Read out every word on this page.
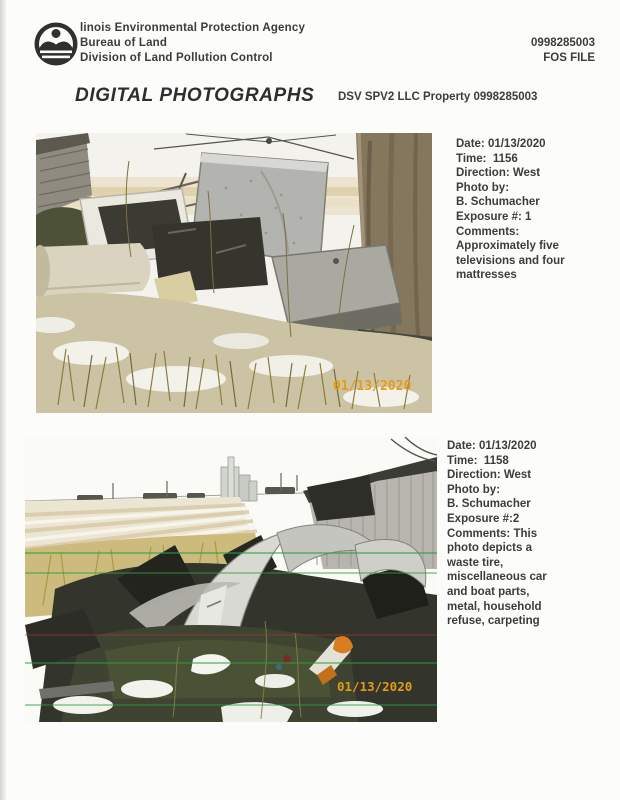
linois Environmental Protection Agency
Bureau of Land
Division of Land Pollution Control
0998285003
FOS FILE
DIGITAL PHOTOGRAPHS DSV SPV2 LLC Property 0998285003
01/13/2020
Date: 01/13/2020
Time:  1156
Direction: West
Photo by:
B. Schumacher
Exposure #: 1
Comments:
Approximately five
televisions and four
mattresses
01/13/2020
Date: 01/13/2020
Time:  1158
Direction: West
Photo by:
B. Schumacher
Exposure #:2
Comments: This
photo depicts a
waste tire,
miscellaneous car
and boat parts,
metal, household
refuse, carpeting
